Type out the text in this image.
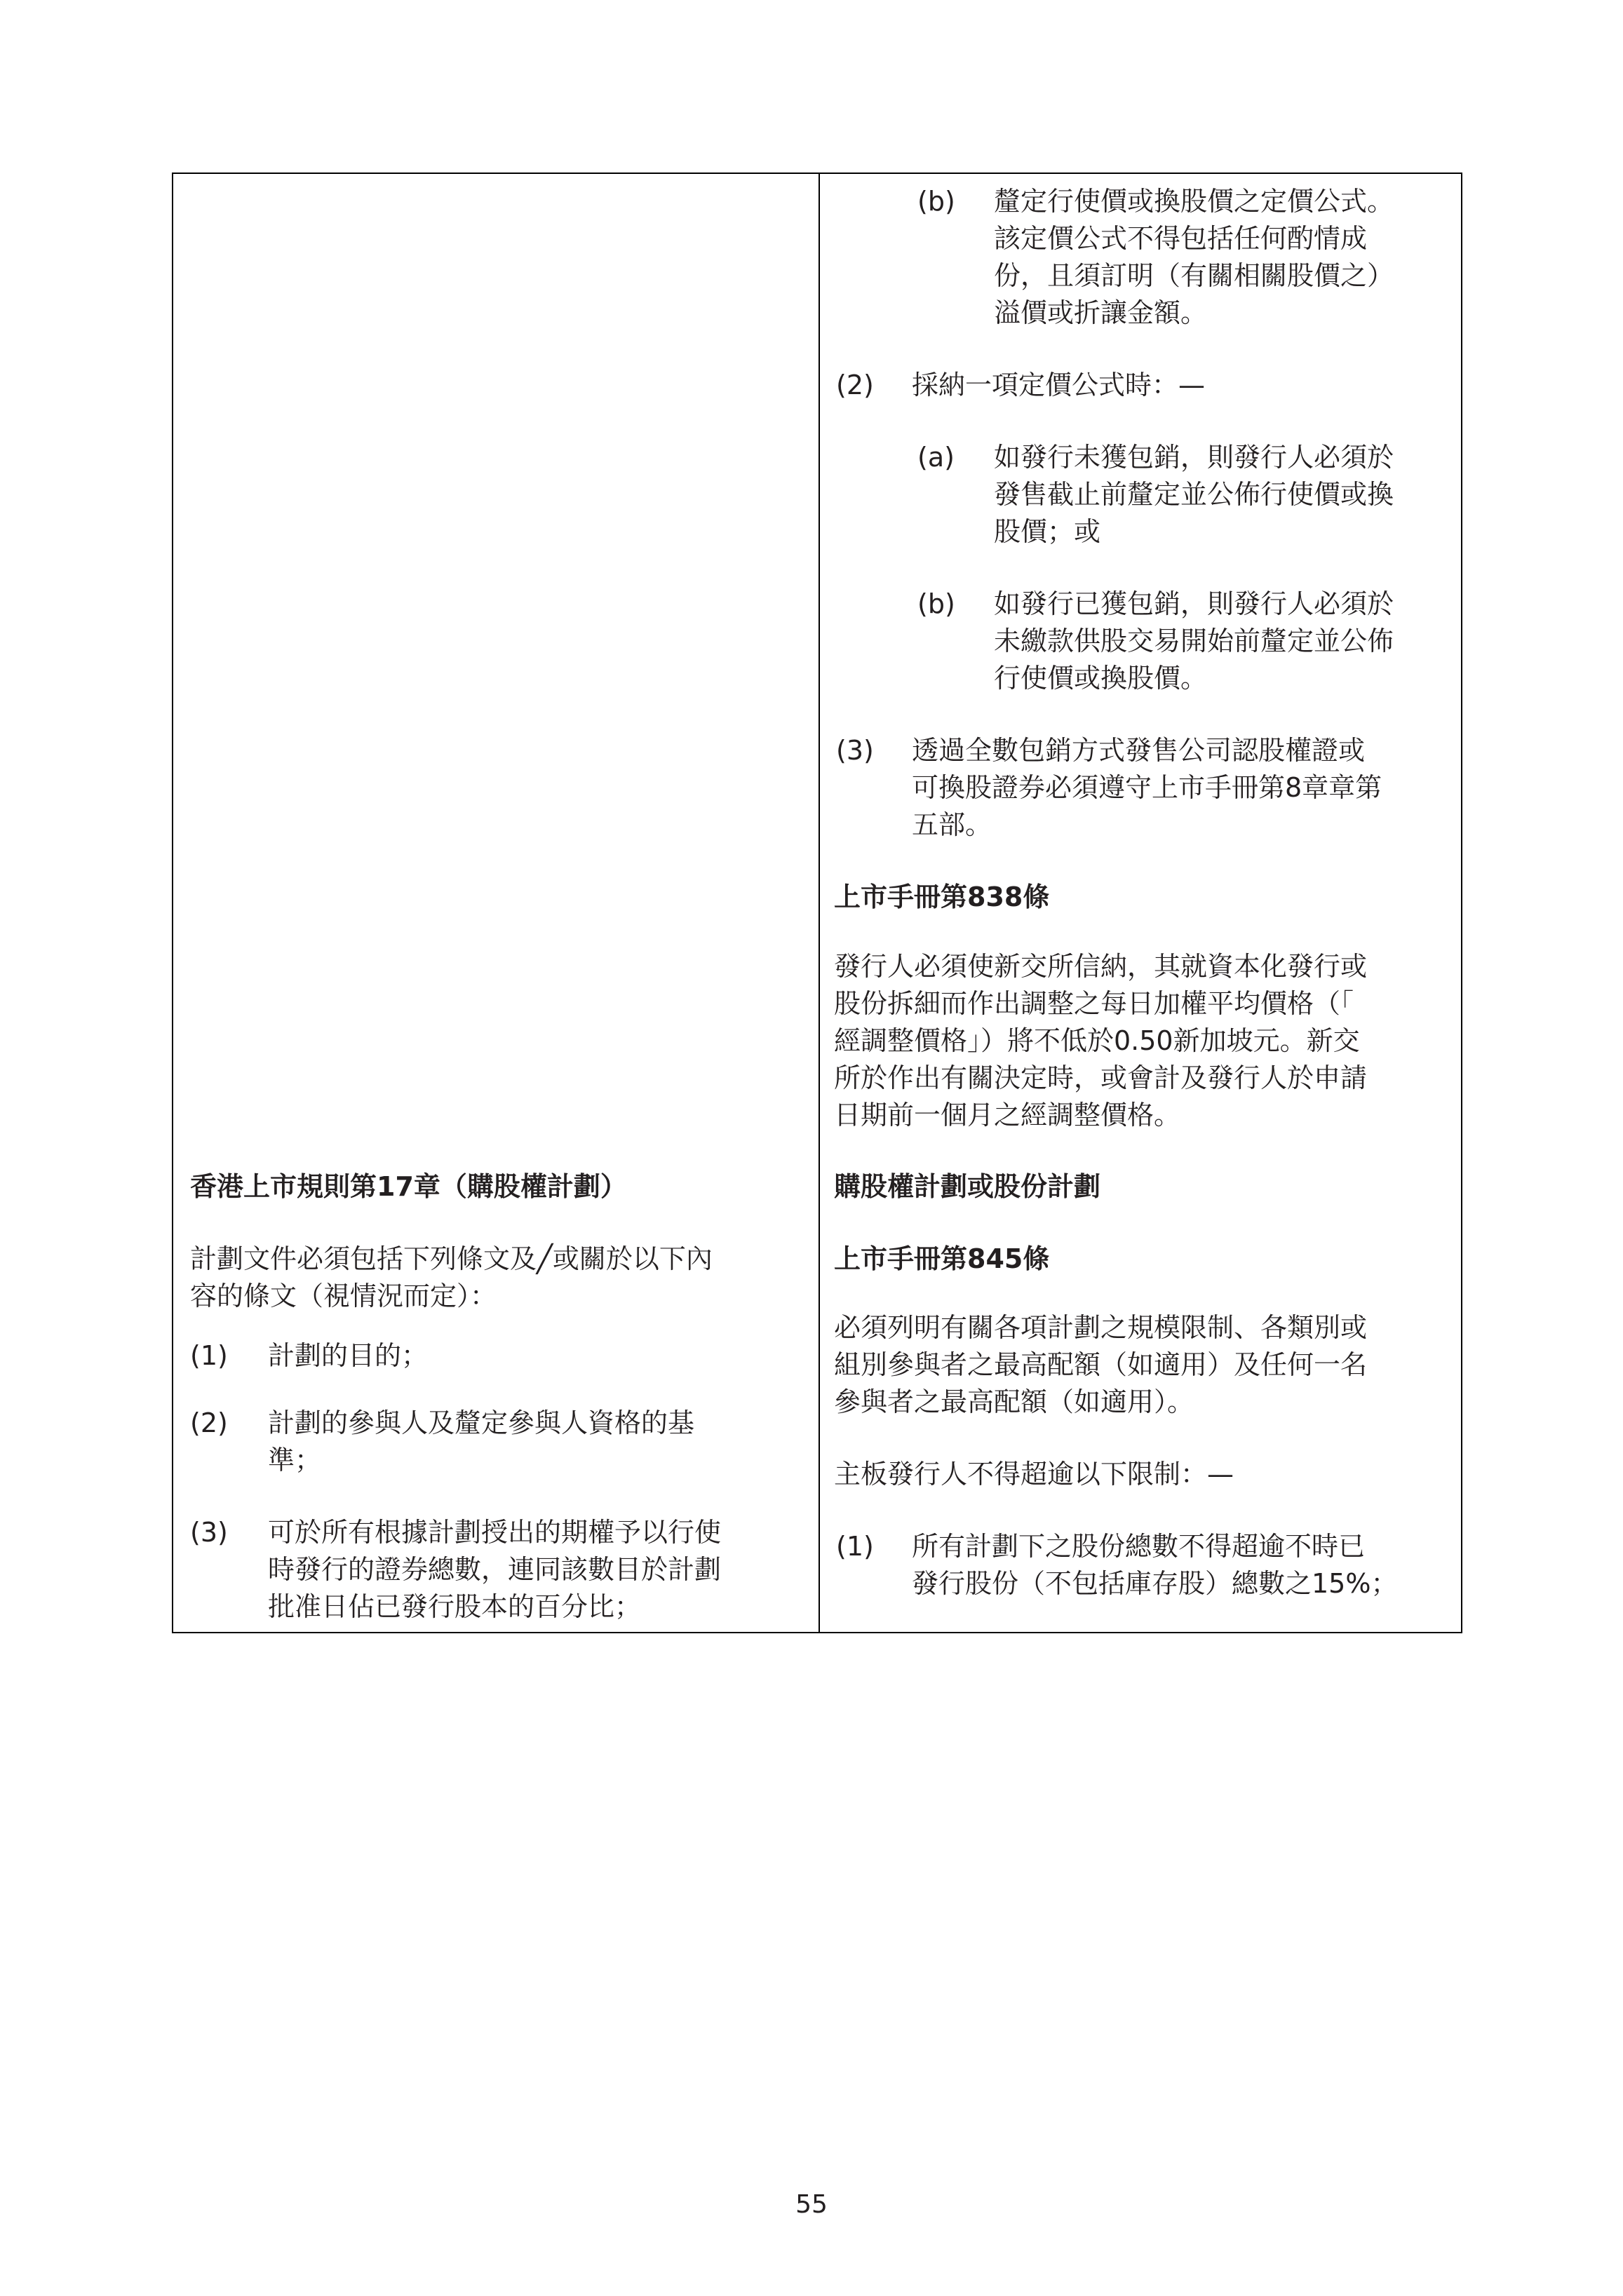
(b) 釐定行使價或換股價之定價公式。
該定價公式不得包括任何酌情成
份，且須訂明（有關相關股價之）
溢價或折讓金額。
(2) 採納一項定價公式時：—
(a) 如發行未獲包銷，則發行人必須於
發售截止前釐定並公佈行使價或換
股價；或
(b) 如發行已獲包銷，則發行人必須於
未繳款供股交易開始前釐定並公佈
行使價或換股價。
(3) 透過全數包銷方式發售公司認股權證或
可換股證券必須遵守上市手冊第8章章第
五部。
上市手冊第838條
發行人必須使新交所信納，其就資本化發行或
股份拆細而作出調整之每日加權平均價格（「
經調整價格」）將不低於0.50新加坡元。新交
所於作出有關決定時，或會計及發行人於申請
日期前一個月之經調整價格。
購股權計劃或股份計劃
上市手冊第845條
必須列明有關各項計劃之規模限制、各類別或
組別參與者之最高配額（如適用）及任何一名
參與者之最高配額（如適用）。
主板發行人不得超逾以下限制：—
(1) 所有計劃下之股份總數不得超逾不時已
發行股份（不包括庫存股）總數之15%；
香港上市規則第17章（購股權計劃）
計劃文件必須包括下列條文及╱或關於以下內
容的條文（視情況而定）：
(1) 計劃的目的；
(2) 計劃的參與人及釐定參與人資格的基
準；
(3) 可於所有根據計劃授出的期權予以行使
時發行的證券總數，連同該數目於計劃
批准日佔已發行股本的百分比；
55
